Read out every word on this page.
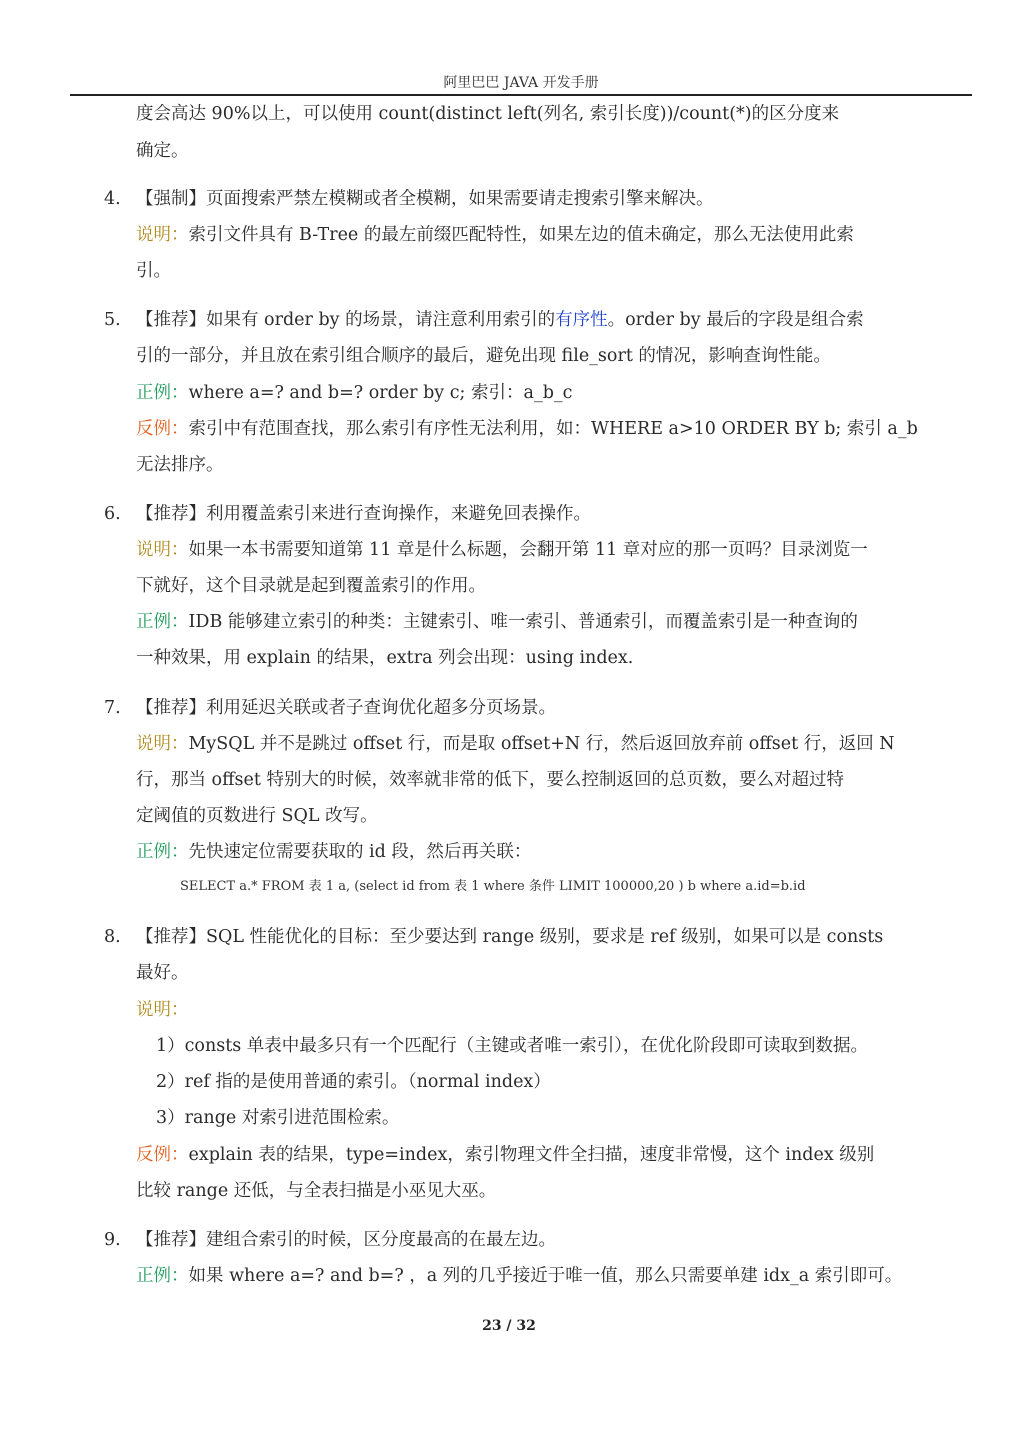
阿里巴巴 JAVA 开发手册
度会高达 90%以上，可以使用 count(distinct left(列名, 索引长度))/count(*)的区分度来
确定。
4. 【强制】页面搜索严禁左模糊或者全模糊，如果需要请走搜索引擎来解决。
说明：索引文件具有 B-Tree 的最左前缀匹配特性，如果左边的值未确定，那么无法使用此索
引。
5. 【推荐】如果有 order by 的场景，请注意利用索引的有序性。order by 最后的字段是组合索
引的一部分，并且放在索引组合顺序的最后，避免出现 file_sort 的情况，影响查询性能。
正例：where a=? and b=? order by c; 索引：a_b_c
反例：索引中有范围查找，那么索引有序性无法利用，如：WHERE a>10 ORDER BY b; 索引 a_b
无法排序。
6. 【推荐】利用覆盖索引来进行查询操作，来避免回表操作。
说明：如果一本书需要知道第 11 章是什么标题，会翻开第 11 章对应的那一页吗？目录浏览一
下就好，这个目录就是起到覆盖索引的作用。
正例：IDB 能够建立索引的种类：主键索引、唯一索引、普通索引，而覆盖索引是一种查询的
一种效果，用 explain 的结果，extra 列会出现：using index.
7. 【推荐】利用延迟关联或者子查询优化超多分页场景。
说明：MySQL 并不是跳过 offset 行，而是取 offset+N 行，然后返回放弃前 offset 行，返回 N
行，那当 offset 特别大的时候，效率就非常的低下，要么控制返回的总页数，要么对超过特
定阈值的页数进行 SQL 改写。
正例：先快速定位需要获取的 id 段，然后再关联：
SELECT a.* FROM 表 1 a, (select id from 表 1 where 条件 LIMIT 100000,20 ) b where a.id=b.id
8. 【推荐】SQL 性能优化的目标：至少要达到 range 级别，要求是 ref 级别，如果可以是 consts
最好。
说明：
1）consts 单表中最多只有一个匹配行（主键或者唯一索引），在优化阶段即可读取到数据。
2）ref 指的是使用普通的索引。（normal index）
3）range 对索引进范围检索。
反例：explain 表的结果，type=index，索引物理文件全扫描，速度非常慢，这个 index 级别
比较 range 还低，与全表扫描是小巫见大巫。
9. 【推荐】建组合索引的时候，区分度最高的在最左边。
正例：如果 where a=? and b=? ，a 列的几乎接近于唯一值，那么只需要单建 idx_a 索引即可。
23 / 32
